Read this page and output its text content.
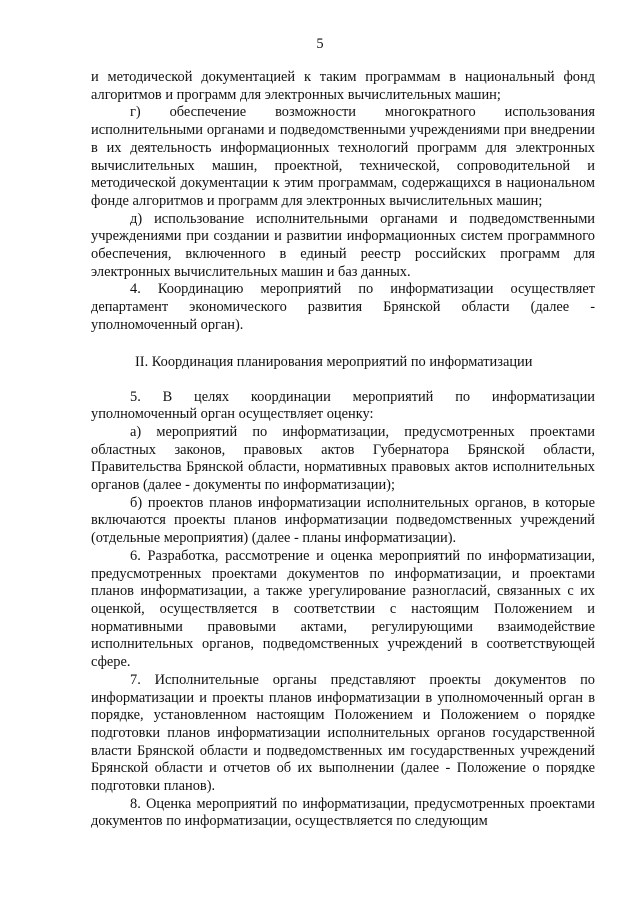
5

и методической документацией к таким программам в национальный фонд алгоритмов и программ для электронных вычислительных машин;

г) обеспечение возможности многократного использования исполнительными органами и подведомственными учреждениями при внедрении в их деятельность информационных технологий программ для электронных вычислительных машин, проектной, технической, сопроводительной и методической документации к этим программам, содержащихся в национальном фонде алгоритмов и программ для электронных вычислительных машин;

д) использование исполнительными органами и подведомственными учреждениями при создании и развитии информационных систем программного обеспечения, включенного в единый реестр российских программ для электронных вычислительных машин и баз данных.

4. Координацию мероприятий по информатизации осуществляет департамент экономического развития Брянской области (далее - уполномоченный орган).

II. Координация планирования мероприятий по информатизации

5. В целях координации мероприятий по информатизации уполномоченный орган осуществляет оценку:

а) мероприятий по информатизации, предусмотренных проектами областных законов, правовых актов Губернатора Брянской области, Правительства Брянской области, нормативных правовых актов исполнительных органов (далее - документы по информатизации);

б) проектов планов информатизации исполнительных органов, в которые включаются проекты планов информатизации подведомственных учреждений (отдельные мероприятия) (далее - планы информатизации).

6. Разработка, рассмотрение и оценка мероприятий по информатизации, предусмотренных проектами документов по информатизации, и проектами планов информатизации, а также урегулирование разногласий, связанных с их оценкой, осуществляется в соответствии с настоящим Положением и нормативными правовыми актами, регулирующими взаимодействие исполнительных органов, подведомственных учреждений в соответствующей сфере.

7. Исполнительные органы представляют проекты документов по информатизации и проекты планов информатизации в уполномоченный орган в порядке, установленном настоящим Положением и Положением о порядке подготовки планов информатизации исполнительных органов государственной власти Брянской области и подведомственных им государственных учреждений Брянской области и отчетов об их выполнении (далее - Положение о порядке подготовки планов).

8. Оценка мероприятий по информатизации, предусмотренных проектами документов по информатизации, осуществляется по следующим
